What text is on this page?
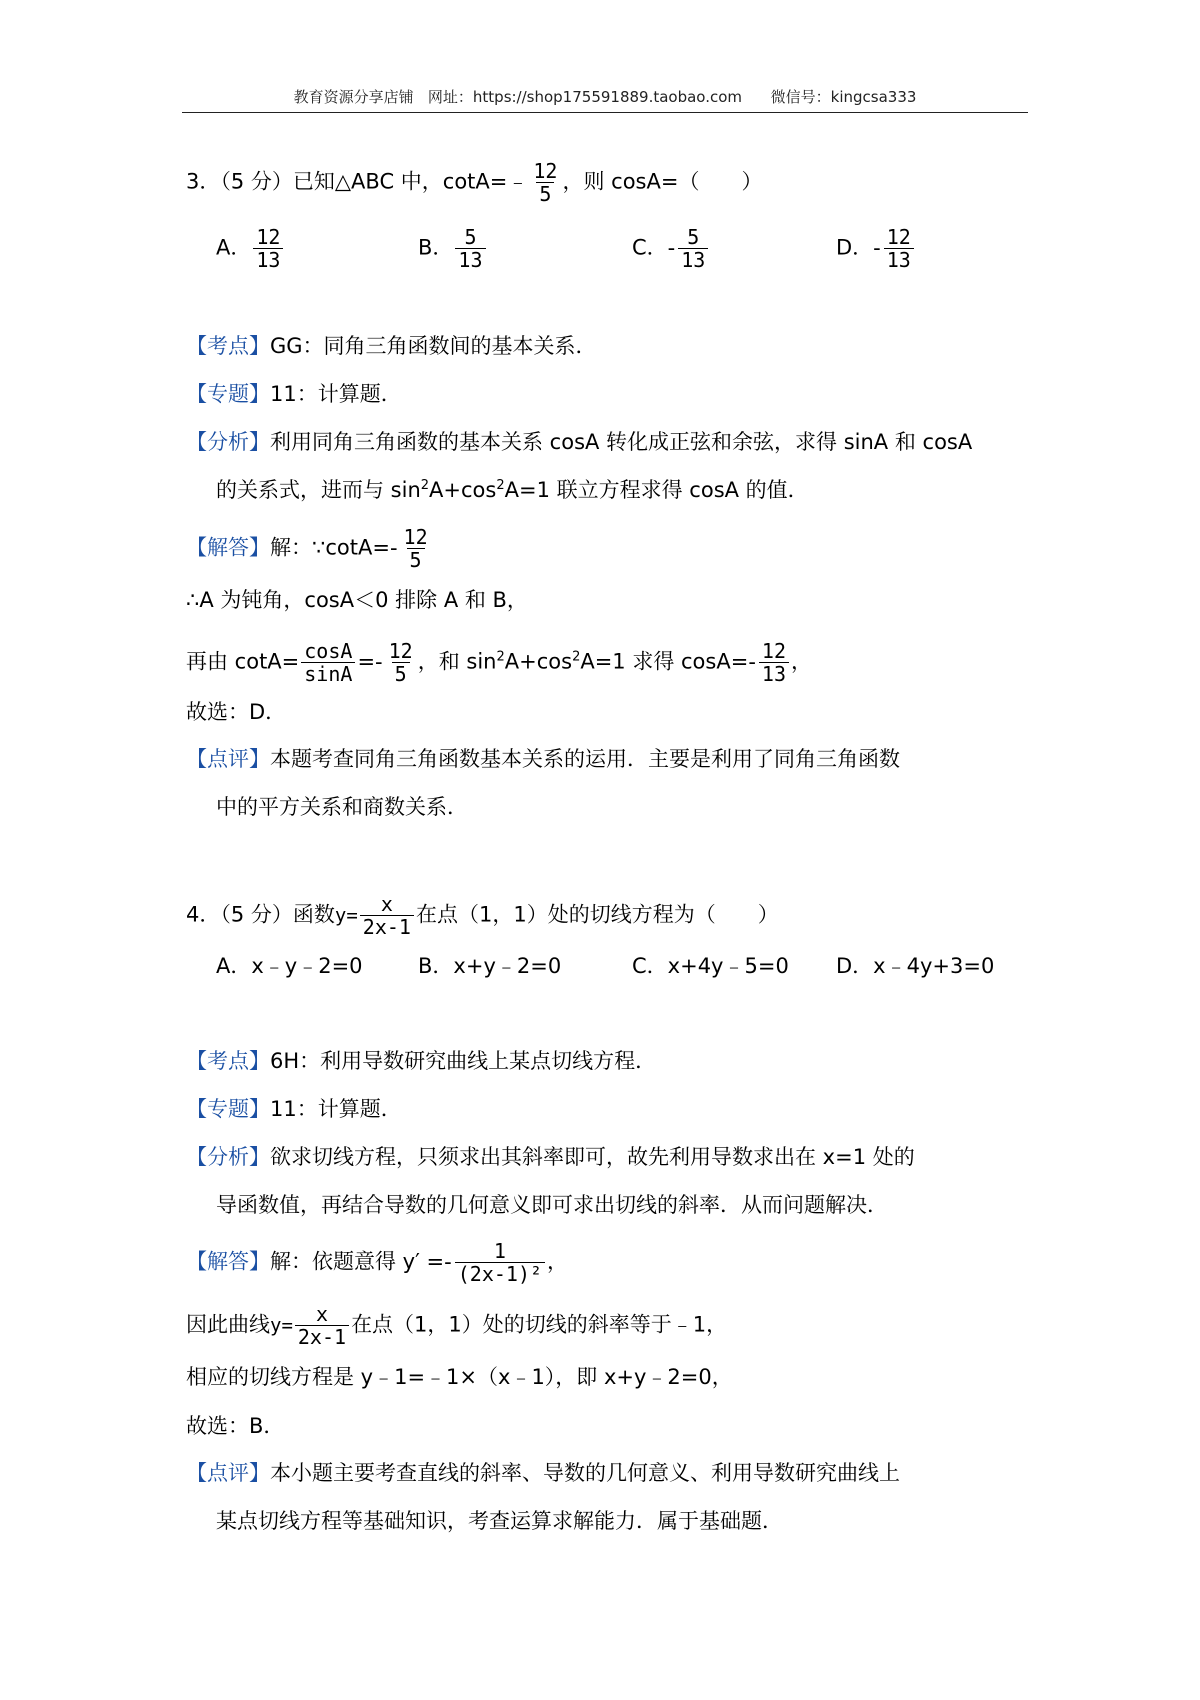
教育资源分享店铺   网址：https://shop175591889.taobao.com      微信号：kingcsa333
3．（5 分）已知△ABC 中，cotA=﹣ $\frac{12}{5}$ ，则 cosA=（　　）
A． $\frac{12}{13}$	B． $\frac{5}{13}$	C．- $\frac{5}{13}$	D．- $\frac{12}{13}$
【考点】GG：同角三角函数间的基本关系．
【专题】11：计算题．
【分析】利用同角三角函数的基本关系 cosA 转化成正弦和余弦，求得 sinA 和 cosA
的关系式，进而与 $\sin^2A+\cos^2A=1$ 联立方程求得 cosA 的值．
【解答】解：∵cotA=- $\frac{12}{5}$
∴A 为钝角，cosA＜0 排除 A 和 B，
再由 $\cot A= \frac{\cos A}{\sin A} =- \frac{12}{5}$ ，和 $\sin^2A+\cos^2A=1$ 求得 $\cos A=- \frac{12}{13}$ ，
故选：D．
【点评】本题考查同角三角函数基本关系的运用．主要是利用了同角三角函数
中的平方关系和商数关系．
4．（5 分）函数$y= \frac{x}{2x-1}$ 在点（1，1）处的切线方程为（　　）
A．x﹣y﹣2=0	B．x+y﹣2=0	C．x+4y﹣5=0 D．x﹣4y+3=0
【考点】6H：利用导数研究曲线上某点切线方程．
【专题】11：计算题．
【分析】欲求切线方程，只须求出其斜率即可，故先利用导数求出在 x=1 处的
导函数值，再结合导数的几何意义即可求出切线的斜率．从而问题解决．
【解答】解：依题意得 $y' =- \frac{1}{\text{(2x-1)²}}$ ，
因此曲线$y= \frac{x}{2x-1}$ 在点（1，1）处的切线的斜率等于﹣1，
相应的切线方程是 y﹣1=﹣1×（x﹣1），即 x+y﹣2=0，
故选：B．
【点评】本小题主要考查直线的斜率、导数的几何意义、利用导数研究曲线上
某点切线方程等基础知识，考查运算求解能力．属于基础题．
